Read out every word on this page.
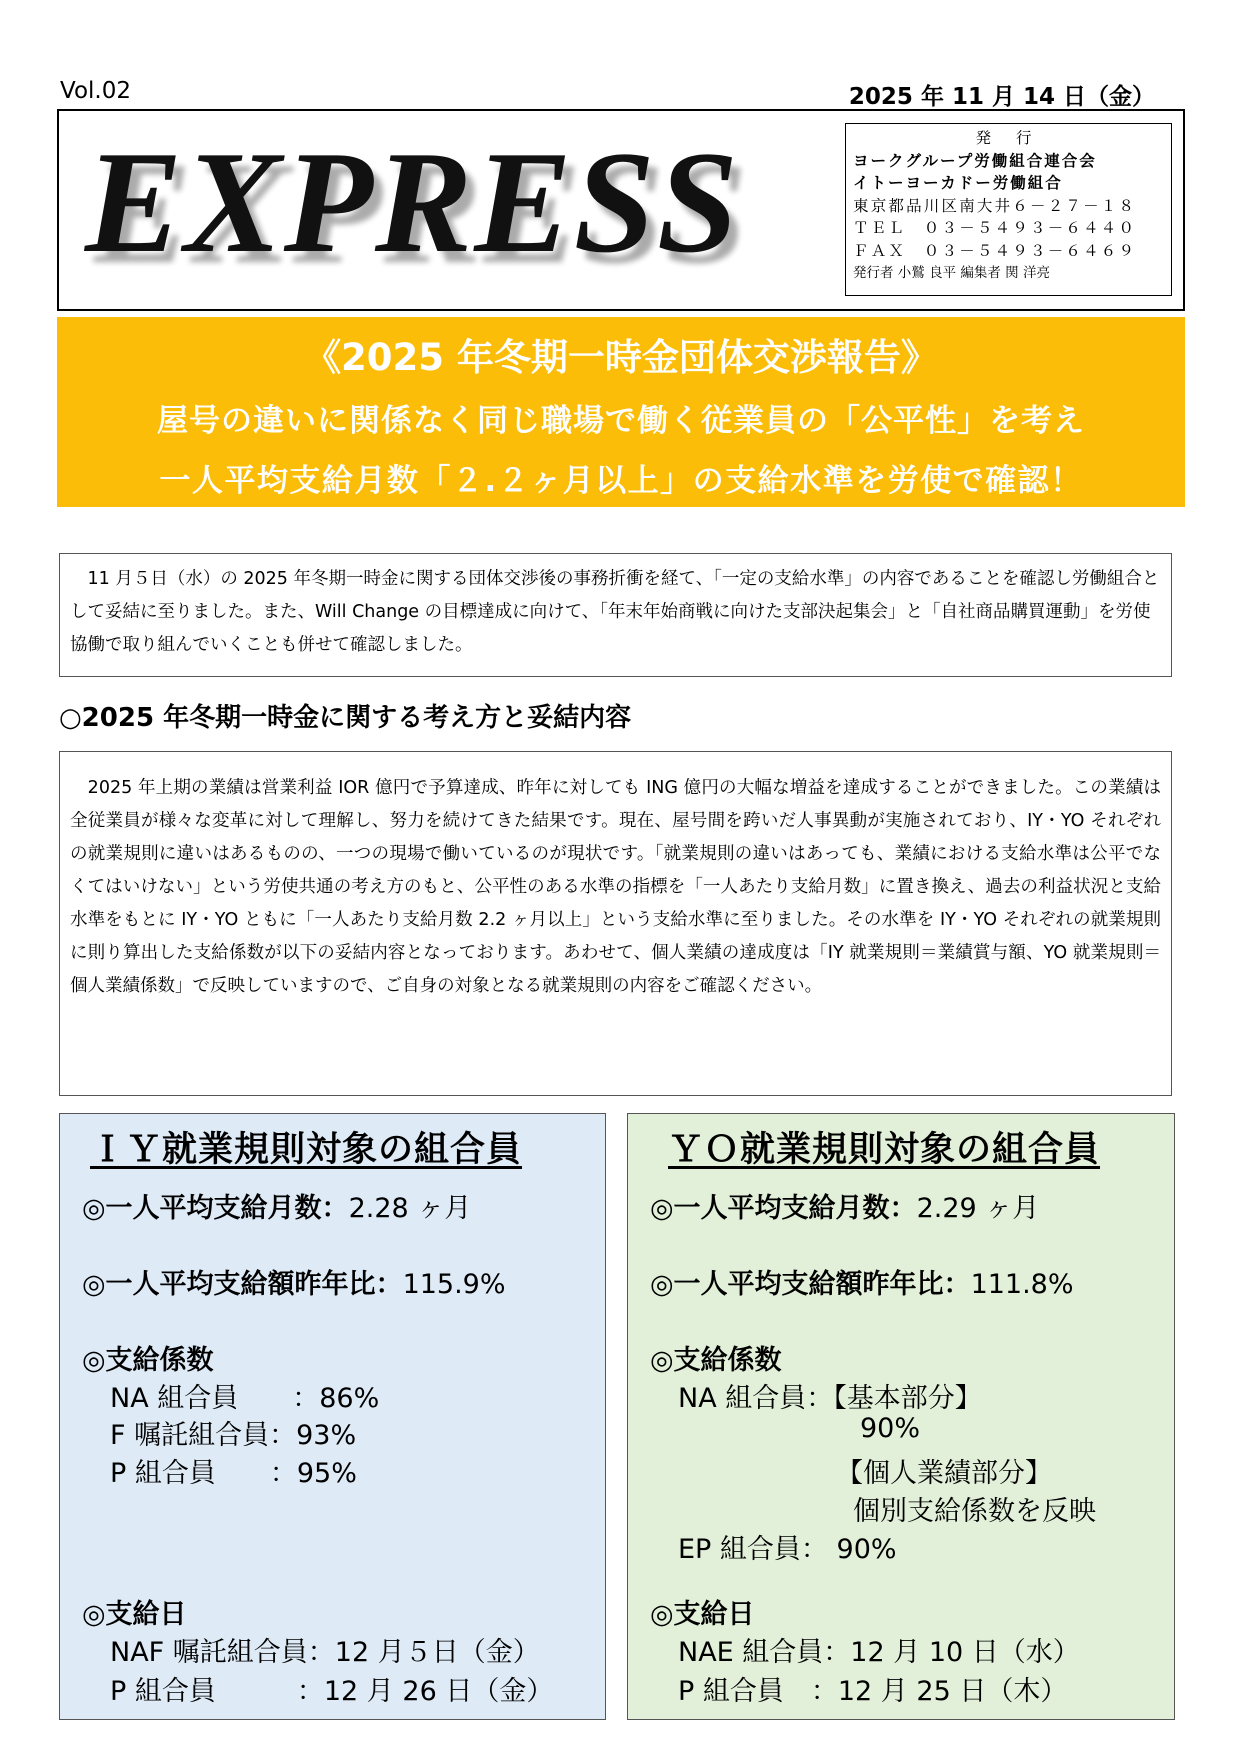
Vol.02	2025 年 11 月 14 日（金）
EXPRESS	発 行
ヨークグループ労働組合連合会
イトーヨーカドー労働組合
東京都品川区南大井６－２７－１８
ＴＥＬ　０３－５４９３－６４４０
ＦＡＸ　０３－５４９３－６４６９
発行者 小鷲 良平 編集者 関 洋亮
《2025 年冬期一時金団体交渉報告》
屋号の違いに関係なく同じ職場で働く従業員の「公平性」を考え
一人平均支給月数「２.２ヶ月以上」の支給水準を労使で確認！
　11 月５日（水）の 2025 年冬期一時金に関する団体交渉後の事務折衝を経て、「一定の支給水準」の内容であることを確認し労働組合として妥結に至りました。また、Will Change の目標達成に向けて、「年末年始商戦に向けた支部決起集会」と「自社商品購買運動」を労使協働で取り組んでいくことも併せて確認しました。
○2025 年冬期一時金に関する考え方と妥結内容
　2025 年上期の業績は営業利益 IOR 億円で予算達成、昨年に対しても ING 億円の大幅な増益を達成することができました。この業績は全従業員が様々な変革に対して理解し、努力を続けてきた結果です。現在、屋号間を跨いだ人事異動が実施されており、IY・YO それぞれの就業規則に違いはあるものの、一つの現場で働いているのが現状です。「就業規則の違いはあっても、業績における支給水準は公平でなくてはいけない」という労使共通の考え方のもと、公平性のある水準の指標を「一人あたり支給月数」に置き換え、過去の利益状況と支給水準をもとに IY・YO ともに「一人あたり支給月数 2.2 ヶ月以上」という支給水準に至りました。その水準を IY・YO それぞれの就業規則に則り算出した支給係数が以下の妥結内容となっております。あわせて、個人業績の達成度は「IY 就業規則＝業績賞与額、YO 就業規則＝個人業績係数」で反映していますので、ご自身の対象となる就業規則の内容をご確認ください。
ＩＹ就業規則対象の組合員
◎一人平均支給月数：2.28 ヶ月
◎一人平均支給額昨年比：115.9%
◎支給係数
NA 組合員　　：86%
F 嘱託組合員：93%
P 組合員　　：95%
◎支給日
NAF 嘱託組合員：12 月５日（金）
P 組合員　　　：12 月 26 日（金）
ＹＯ就業規則対象の組合員
◎一人平均支給月数：2.29 ヶ月
◎一人平均支給額昨年比：111.8%
◎支給係数
NA 組合員：【基本部分】
90%
【個人業績部分】
個別支給係数を反映
EP 組合員： 90%
◎支給日
NAE 組合員：12 月 10 日（水）
P 組合員　：12 月 25 日（木）
